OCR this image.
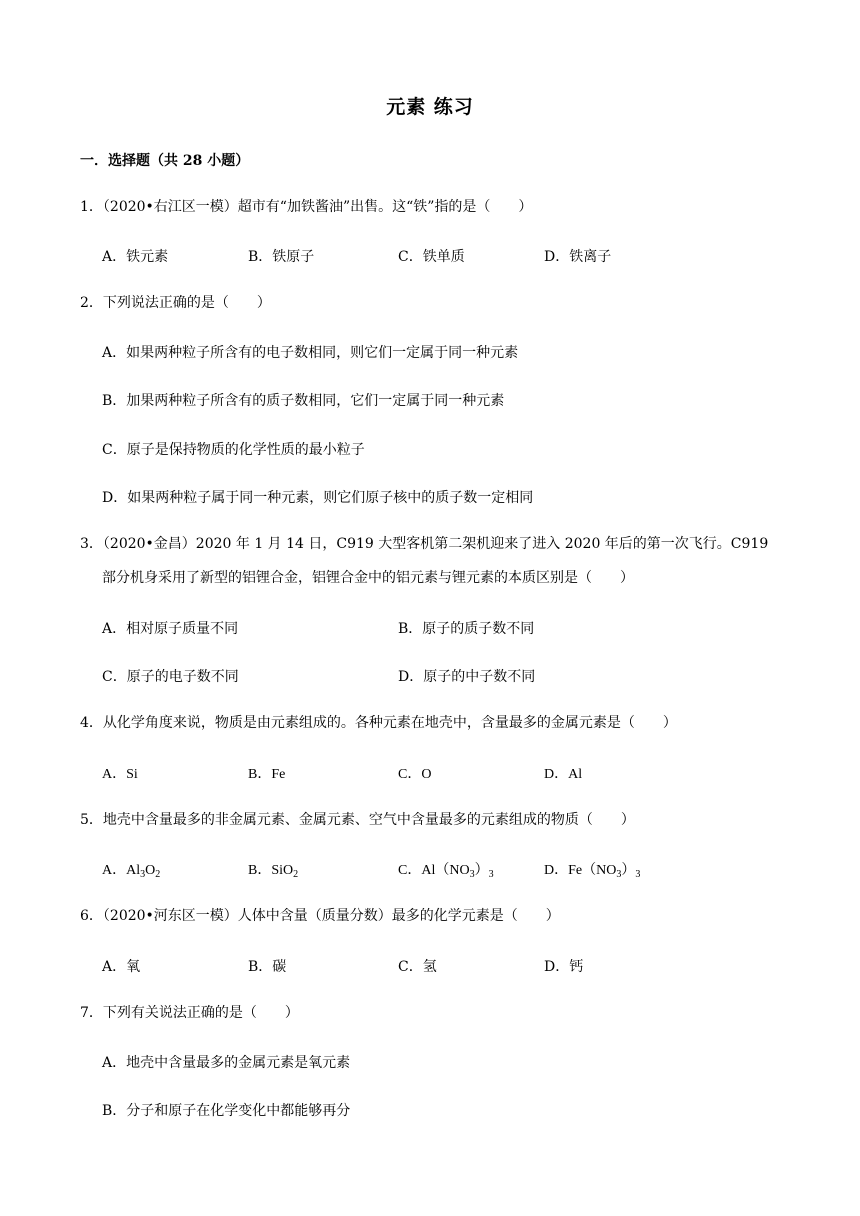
元素 练习
一．选择题（共 28 小题）
1．（2020•右江区一模）超市有“加铁酱油”出售。这“铁”指的是（　　）
A．铁元素	B．铁原子	C．铁单质	D．铁离子
2．下列说法正确的是（　　）
A．如果两种粒子所含有的电子数相同，则它们一定属于同一种元素
B．加果两种粒子所含有的质子数相同，它们一定属于同一种元素
C．原子是保持物质的化学性质的最小粒子
D．如果两种粒子属于同一种元素，则它们原子核中的质子数一定相同
3．（2020•金昌）2020 年 1 月 14 日，C919 大型客机第二架机迎来了进入 2020 年后的第一次飞行。C919
部分机身采用了新型的铝锂合金，铝锂合金中的铝元素与锂元素的本质区别是（　　）
A．相对原子质量不同	B．原子的质子数不同
C．原子的电子数不同	D．原子的中子数不同
4．从化学角度来说，物质是由元素组成的。各种元素在地壳中，含量最多的金属元素是（　　）
A．Si	B．Fe	C．O	D．Al
5．地壳中含量最多的非金属元素、金属元素、空气中含量最多的元素组成的物质（　　）
A．$Al_3O_2$	B．SiO$_2$	C．$Al(NO_3)_3$	D．$Fe(NO_3)_3$
6．（2020•河东区一模）人体中含量（质量分数）最多的化学元素是（　　）
A．氧	B．碳	C．氢	D．钙
7．下列有关说法正确的是（　　）
A．地壳中含量最多的金属元素是氧元素
B．分子和原子在化学变化中都能够再分
